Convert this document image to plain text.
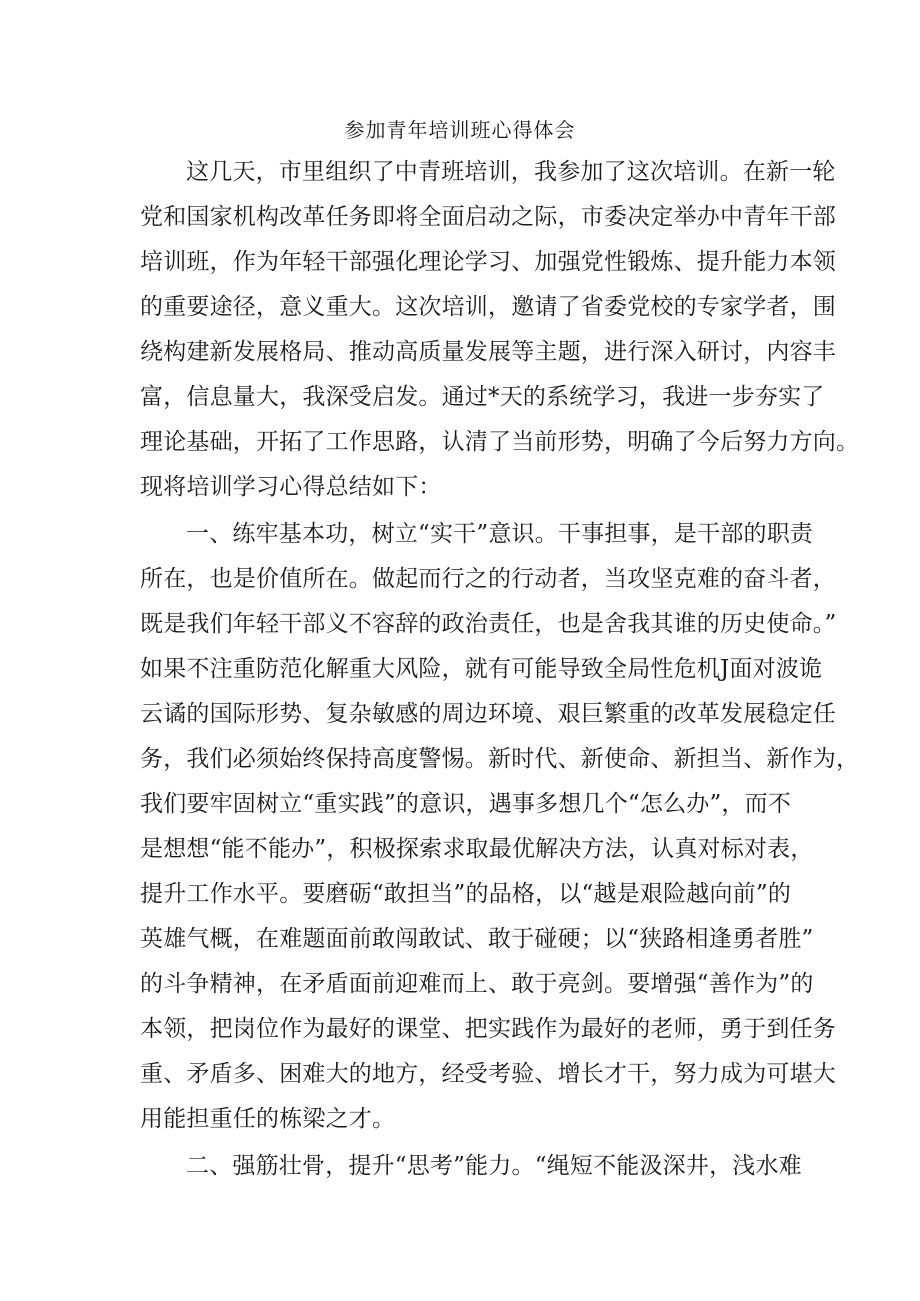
参加青年培训班心得体会
这几天，市里组织了中青班培训，我参加了这次培训。在新一轮
党和国家机构改革任务即将全面启动之际，市委决定举办中青年干部
培训班，作为年轻干部强化理论学习、加强党性锻炼、提升能力本领
的重要途径，意义重大。这次培训，邀请了省委党校的专家学者，围
绕构建新发展格局、推动高质量发展等主题，进行深入研讨，内容丰
富，信息量大，我深受启发。通过*天的系统学习，我进一步夯实了
理论基础，开拓了工作思路，认清了当前形势，明确了今后努力方向。
现将培训学习心得总结如下：
一、练牢基本功，树立“实干”意识。干事担事，是干部的职责
所在，也是价值所在。做起而行之的行动者，当攻坚克难的奋斗者，
既是我们年轻干部义不容辞的政治责任，也是舍我其谁的历史使命。”
如果不注重防范化解重大风险，就有可能导致全局性危机J面对波诡
云谲的国际形势、复杂敏感的周边环境、艰巨繁重的改革发展稳定任
务，我们必须始终保持高度警惕。新时代、新使命、新担当、新作为，
我们要牢固树立“重实践”的意识，遇事多想几个“怎么办”，而不
是想想“能不能办”，积极探索求取最优解决方法，认真对标对表，
提升工作水平。要磨砺“敢担当”的品格，以“越是艰险越向前”的
英雄气概，在难题面前敢闯敢试、敢于碰硬；以“狭路相逢勇者胜”
的斗争精神，在矛盾面前迎难而上、敢于亮剑。要增强“善作为”的
本领，把岗位作为最好的课堂、把实践作为最好的老师，勇于到任务
重、矛盾多、困难大的地方，经受考验、增长才干，努力成为可堪大
用能担重任的栋梁之才。
二、强筋壮骨，提升“思考”能力。“绳短不能汲深井，浅水难
